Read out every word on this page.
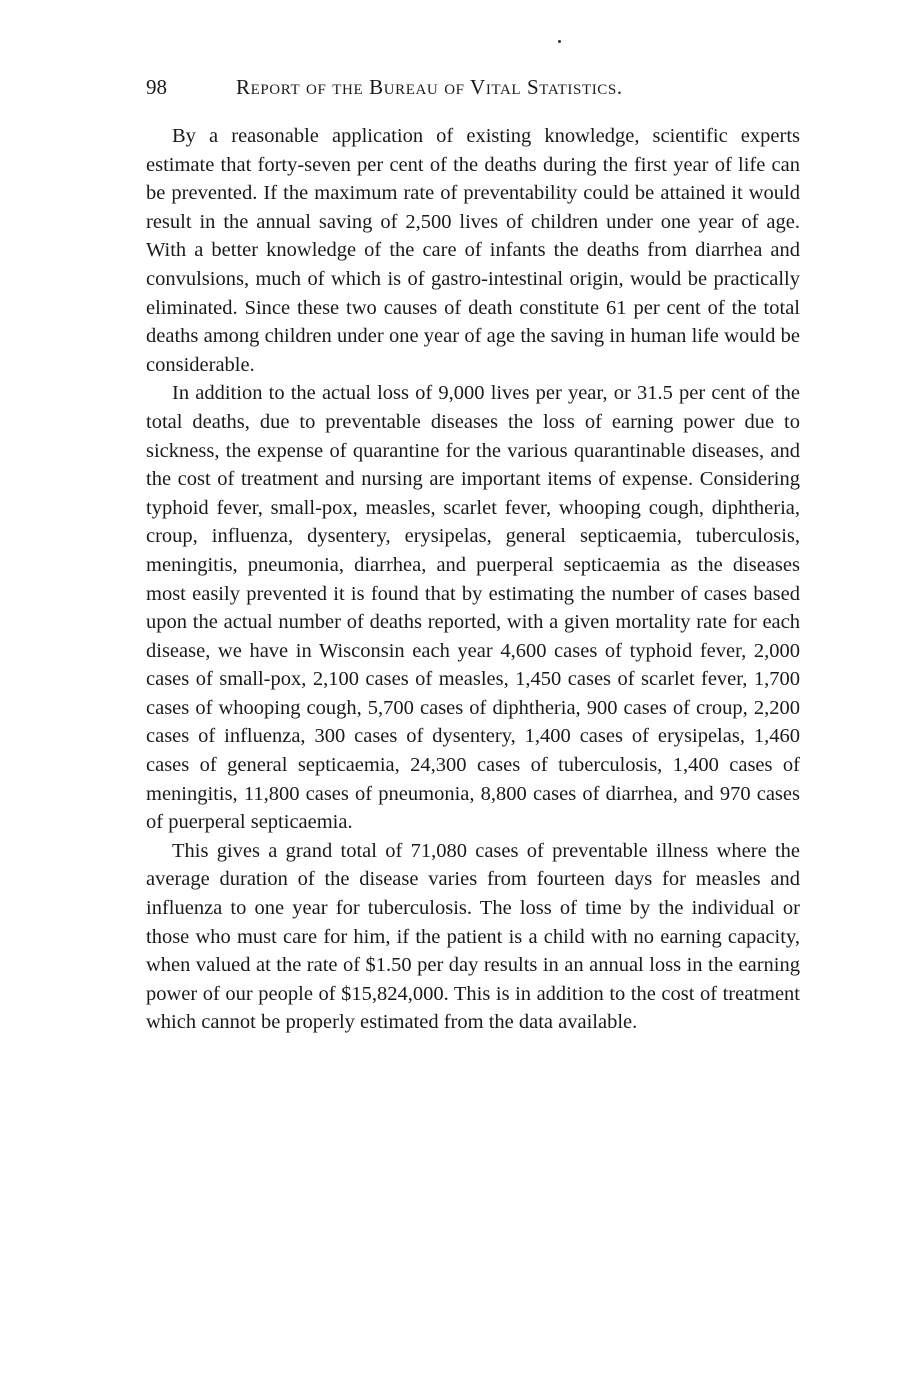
98	Report of the Bureau of Vital Statistics.

By a reasonable application of existing knowledge, scientific experts estimate that forty-seven per cent of the deaths during the first year of life can be prevented. If the maximum rate of preventability could be attained it would result in the annual saving of 2,500 lives of children under one year of age. With a better knowledge of the care of infants the deaths from diarrhea and convulsions, much of which is of gastro-intestinal origin, would be practically eliminated. Since these two causes of death constitute 61 per cent of the total deaths among children under one year of age the saving in human life would be considerable.

In addition to the actual loss of 9,000 lives per year, or 31.5 per cent of the total deaths, due to preventable diseases the loss of earning power due to sickness, the expense of quarantine for the various quarantinable diseases, and the cost of treatment and nursing are important items of expense. Considering typhoid fever, small-pox, measles, scarlet fever, whooping cough, diphtheria, croup, influenza, dysentery, erysipelas, general septicaemia, tuberculosis, meningitis, pneumonia, diarrhea, and puerperal septicaemia as the diseases most easily prevented it is found that by estimating the number of cases based upon the actual number of deaths reported, with a given mortality rate for each disease, we have in Wisconsin each year 4,600 cases of typhoid fever, 2,000 cases of small-pox, 2,100 cases of measles, 1,450 cases of scarlet fever, 1,700 cases of whooping cough, 5,700 cases of diphtheria, 900 cases of croup, 2,200 cases of influenza, 300 cases of dysentery, 1,400 cases of erysipelas, 1,460 cases of general septicaemia, 24,300 cases of tuberculosis, 1,400 cases of meningitis, 11,800 cases of pneumonia, 8,800 cases of diarrhea, and 970 cases of puerperal septicaemia.

This gives a grand total of 71,080 cases of preventable illness where the average duration of the disease varies from fourteen days for measles and influenza to one year for tuberculosis. The loss of time by the individual or those who must care for him, if the patient is a child with no earning capacity, when valued at the rate of $1.50 per day results in an annual loss in the earning power of our people of $15,824,000. This is in addition to the cost of treatment which cannot be properly estimated from the data available.
